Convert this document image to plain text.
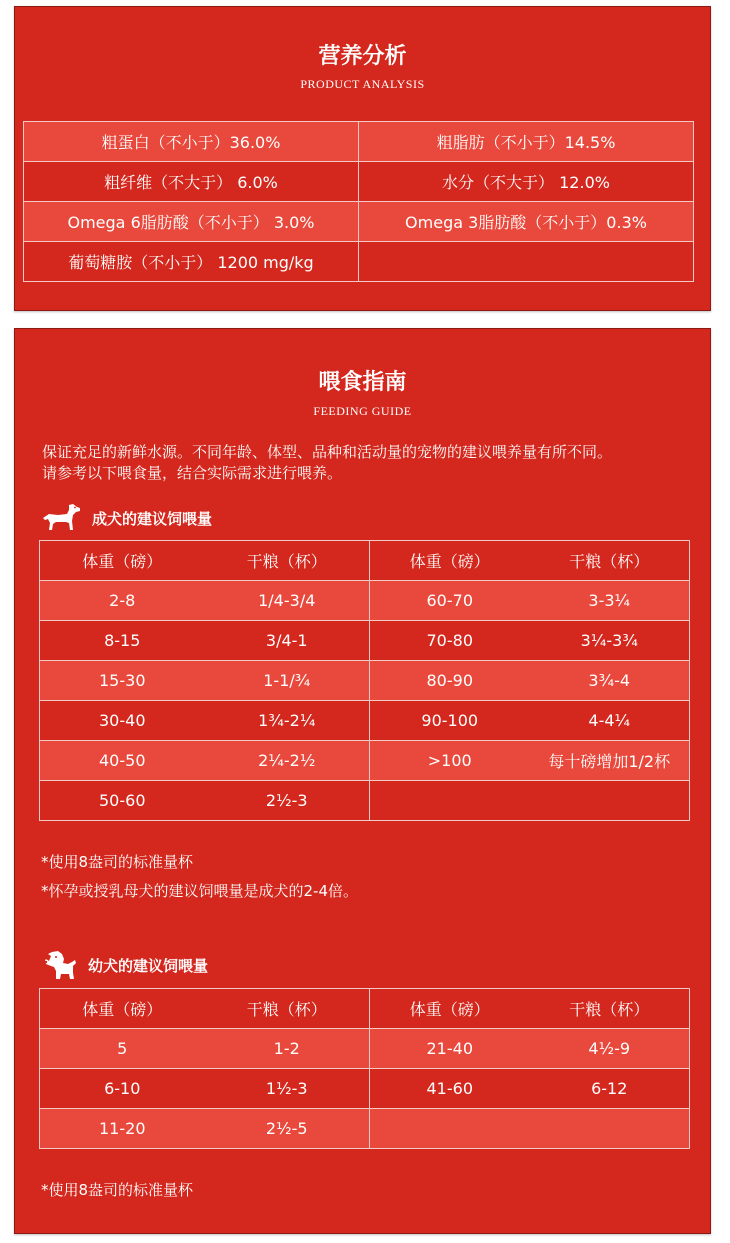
营养分析
PRODUCT ANALYSIS
粗蛋白（不小于）36.0%	粗脂肪（不小于）14.5%
粗纤维（不大于） 6.0%	水分（不大于） 12.0%
Omega 6脂肪酸（不小于） 3.0%	Omega 3脂肪酸（不小于）0.3%
葡萄糖胺（不小于） 1200 mg/kg	
喂食指南
FEEDING GUIDE

保证充足的新鲜水源。不同年龄、体型、品种和活动量的宠物的建议喂养量有所不同。

请参考以下喂食量，结合实际需求进行喂养。

成犬的建议饲喂量
体重（磅） 干粮（杯）	体重（磅） 干粮（杯）

2-8 1/4-3/4	60-70 3-3¼

8-15 3/4-1	70-80 3¼-3¾

15-30 1-1/¾	80-90 3¾-4

30-40 1¾-2¼	90-100 4-4¼

40-50 2¼-2½	>100 每十磅增加1/2杯

50-60 2½-3	

*使用8盎司的标准量杯
*怀孕或授乳母犬的建议饲喂量是成犬的2-4倍。
幼犬的建议饲喂量
体重（磅） 干粮（杯）	体重（磅） 干粮（杯）

5 1-2	21-40 4½-9

6-10 1½-3	41-60 6-12

11-20 2½-5	

*使用8盎司的标准量杯
